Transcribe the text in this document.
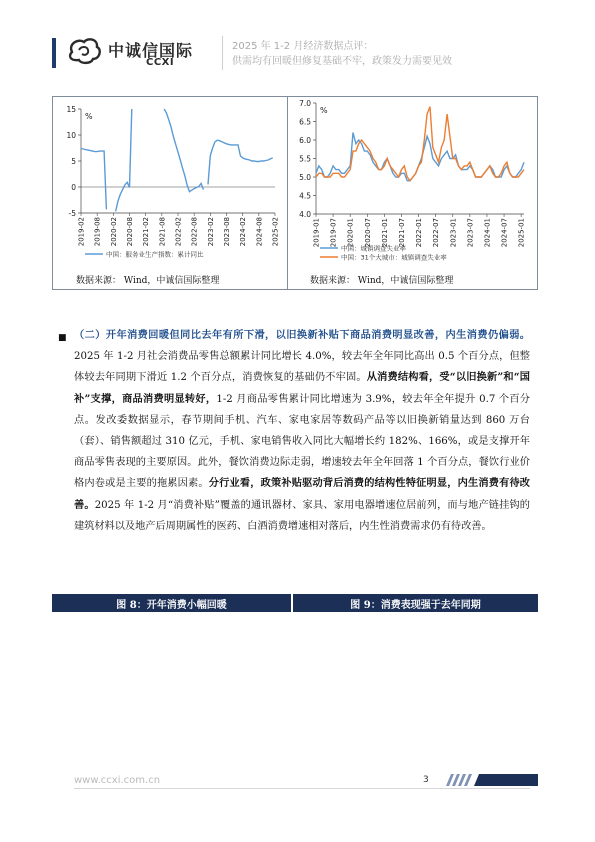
中诚信国际
CCXI
2025 年 1-2 月经济数据点评：
供需均有回暖但修复基础不牢，政策发力需要见效
-5
0
5
10
15
%
2019-02 2019-08 2020-02 2020-08 2021-02 2021-08 2022-02 2022-08 2023-02 2023-08 2024-02 2024-08 2025-02
中国：服务业生产指数：累计同比
数据来源： Wind，中诚信国际整理
4.0
4.5
5.0
5.5
6.0
6.5
7.0
%
2019-01 2019-07 2020-01 2020-07 2021-01 2021-07 2022-01 2022-07 2023-01 2023-07 2024-01 2024-07 2025-01
中国：城镇调查失业率
中国：31个大城市：城镇调查失业率
数据来源： Wind，中诚信国际整理
■ （二）开年消费回暖但同比去年有所下滑，以旧换新补贴下商品消费明显改善，内生消费仍偏弱。2025 年 1-2 月社会消费品零售总额累计同比增长 4.0%，较去年全年同比高出 0.5 个百分点，但整体较去年同期下滑近 1.2 个百分点，消费恢复的基础仍不牢固。从消费结构看，受“以旧换新”和“国补”支撑，商品消费明显转好，1-2 月商品零售累计同比增速为 3.9%，较去年全年提升 0.7 个百分点。发改委数据显示，春节期间手机、汽车、家电家居等数码产品等以旧换新销量达到 860 万台（套）、销售额超过 310 亿元，手机、家电销售收入同比大幅增长约 182%、166%，或是支撑开年商品零售表现的主要原因。此外，餐饮消费边际走弱，增速较去年全年回落 1 个百分点，餐饮行业价格内卷或是主要的拖累因素。分行业看，政策补贴驱动背后消费的结构性特征明显，内生消费有待改善。2025 年 1-2 月“消费补贴”覆盖的通讯器材、家具、家用电器增速位居前列，而与地产链挂钩的建筑材料以及地产后周期属性的医药、白酒消费增速相对落后，内生性消费需求仍有待改善。
图 8：开年消费小幅回暖	图 9：消费表现强于去年同期
www.ccxi.com.cn	3
